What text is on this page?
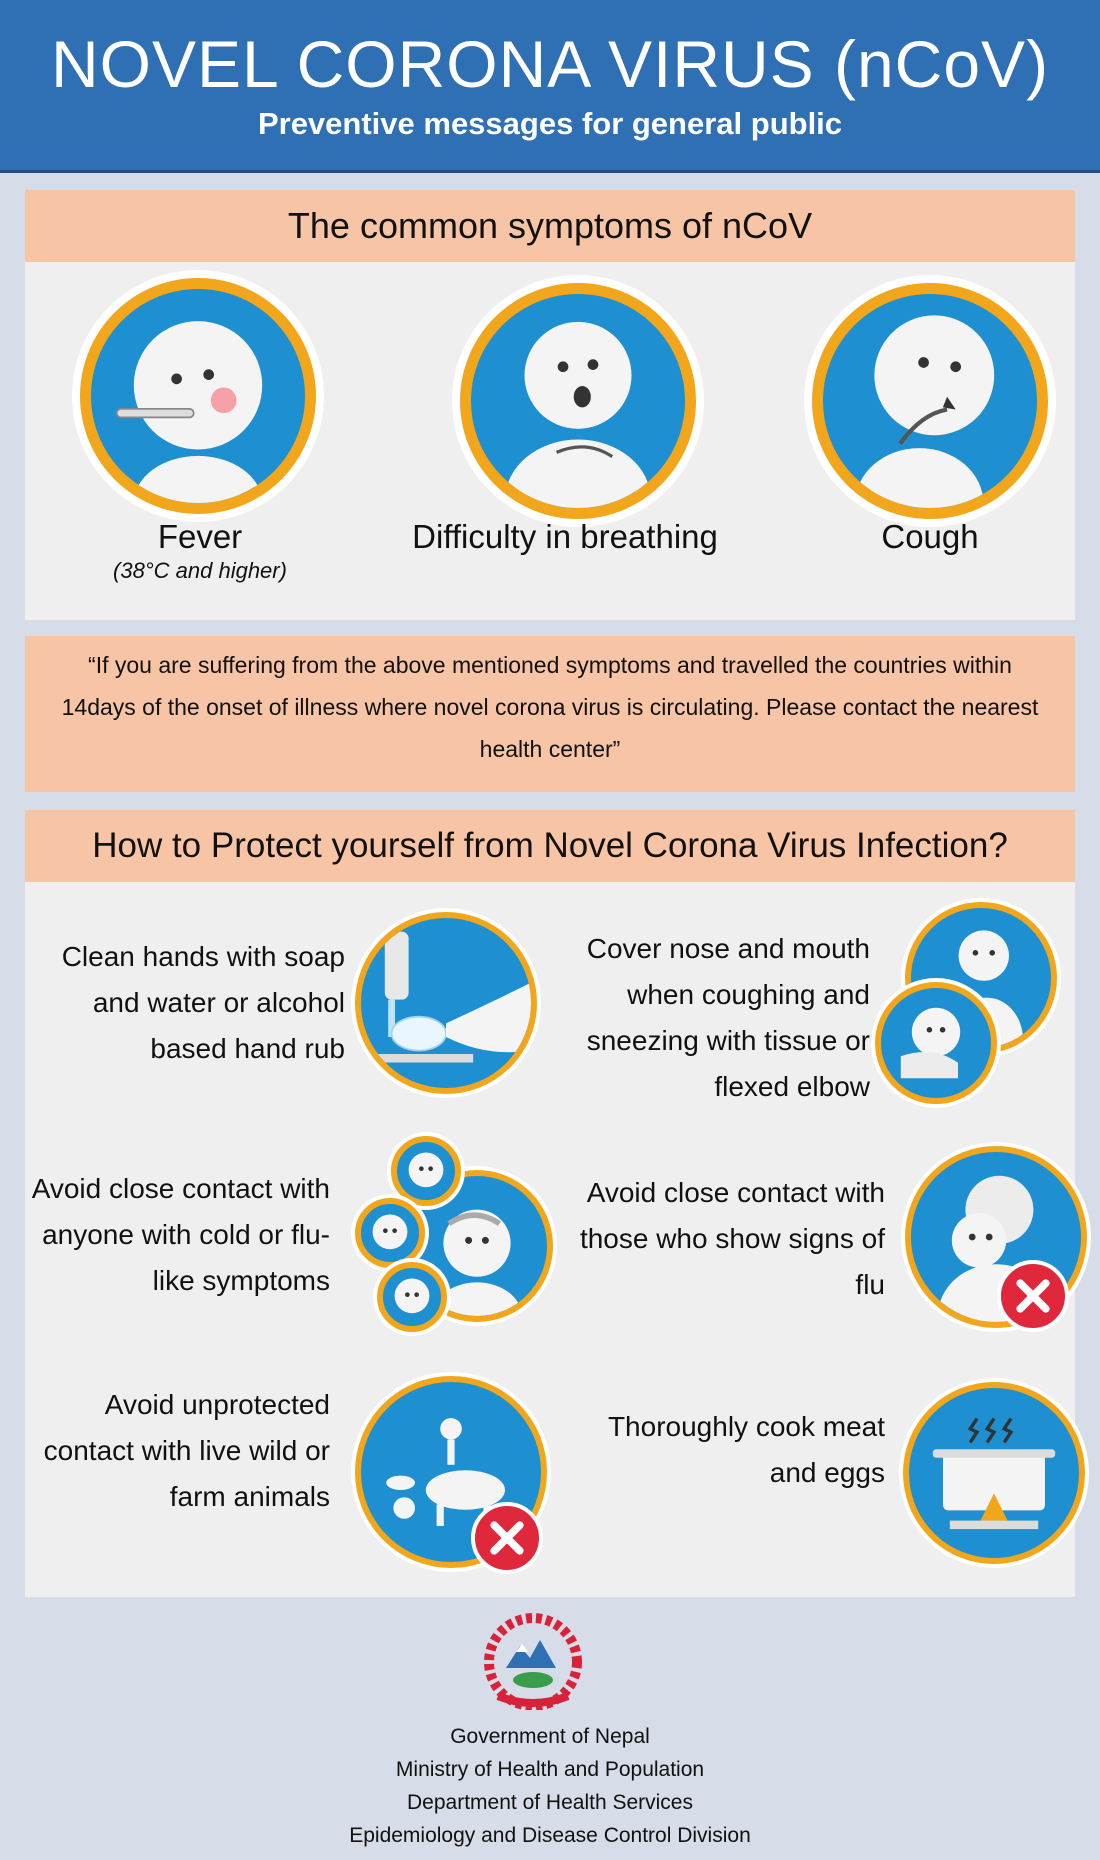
NOVEL CORONA VIRUS (nCoV)
Preventive messages for general public
The common symptoms of nCoV
Fever
(38°C and higher)
Difficulty in breathing	Cough
“If you are suffering from the above mentioned symptoms and travelled the countries within 14days of the onset of illness where novel corona virus is circulating. Please contact the nearest health center”
How to Protect yourself from Novel Corona Virus Infection?
Clean hands with soap and water or alcohol based hand rub
Cover nose and mouth when coughing and sneezing with tissue or flexed elbow
Avoid close contact with anyone with cold or flu-like symptoms
Avoid close contact with those who show signs of flu
Avoid unprotected contact with live wild or farm animals
Thoroughly cook meat and eggs
Government of Nepal
Ministry of Health and Population
Department of Health Services
Epidemiology and Disease Control Division
